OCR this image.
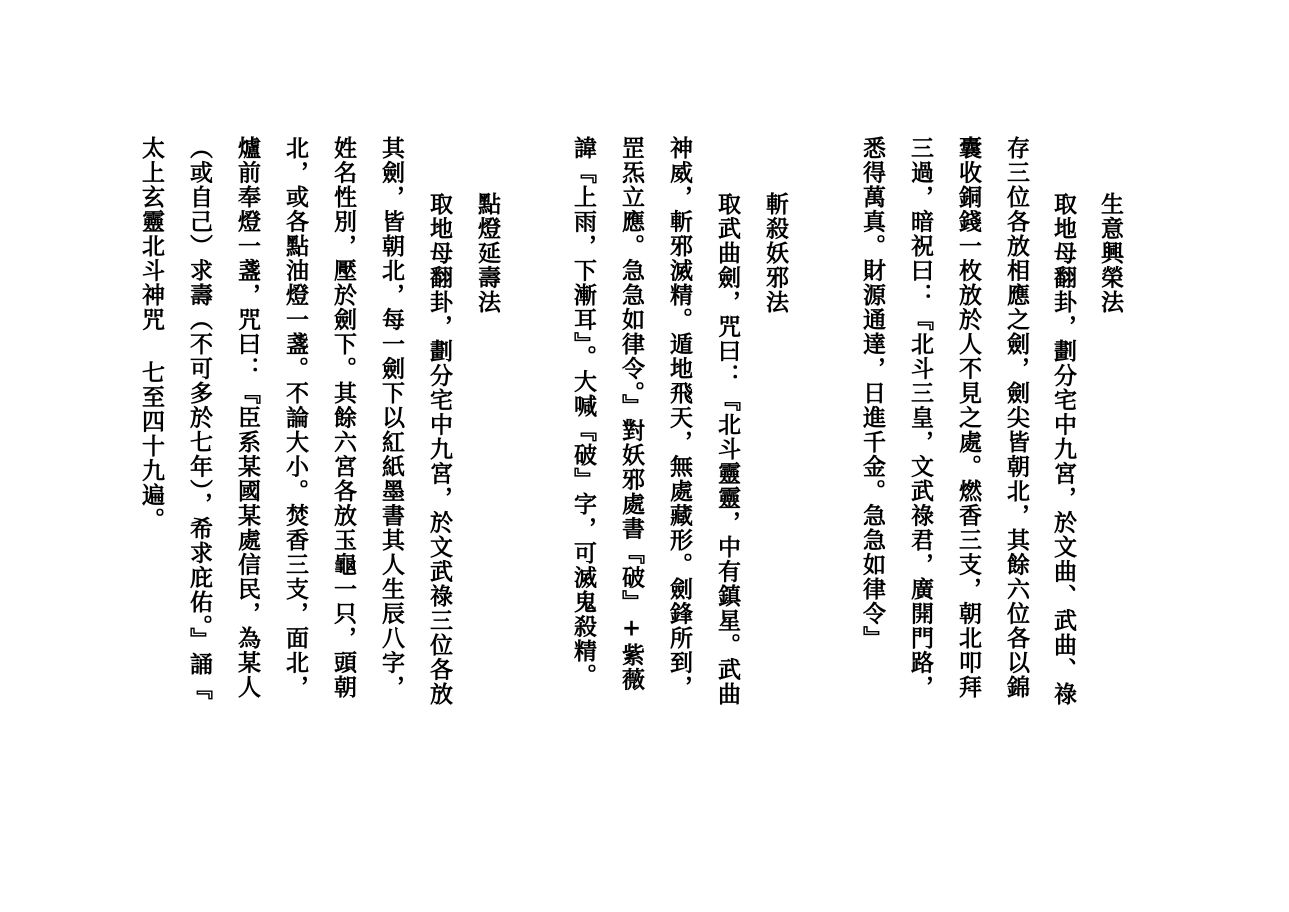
生意興榮法
取地母翻卦，劃分宅中九宮，於文曲、武曲、祿
存三位各放相應之劍，劍尖皆朝北，其餘六位各以錦
囊收銅錢一枚放於人不見之處。燃香三支，朝北叩拜
三過，暗祝曰：『北斗三皇，文武祿君，廣開門路，
悉得萬真。財源通達，日進千金。急急如律令』
斬殺妖邪法
取武曲劍，咒曰：『北斗靈靈，中有鎮星。武曲
神威，斬邪滅精。遁地飛天，無處藏形。劍鋒所到，
罡炁立應。急急如律令。』對妖邪處書『破』+紫薇
諱『上雨，下漸耳』。大喊『破』字，可滅鬼殺精。
點燈延壽法
取地母翻卦，劃分宅中九宮，於文武祿三位各放
其劍，皆朝北，每一劍下以紅紙墨書其人生辰八字，
姓名性別，壓於劍下。其餘六宮各放玉龜一只，頭朝
北，或各點油燈一盞。不論大小。焚香三支，面北，
爐前奉燈一盞，咒曰：『臣系某國某處信民，為某人
（或自己）求壽（不可多於七年），希求庇佑。』誦『
太上玄靈北斗神咒 七至四十九遍。
